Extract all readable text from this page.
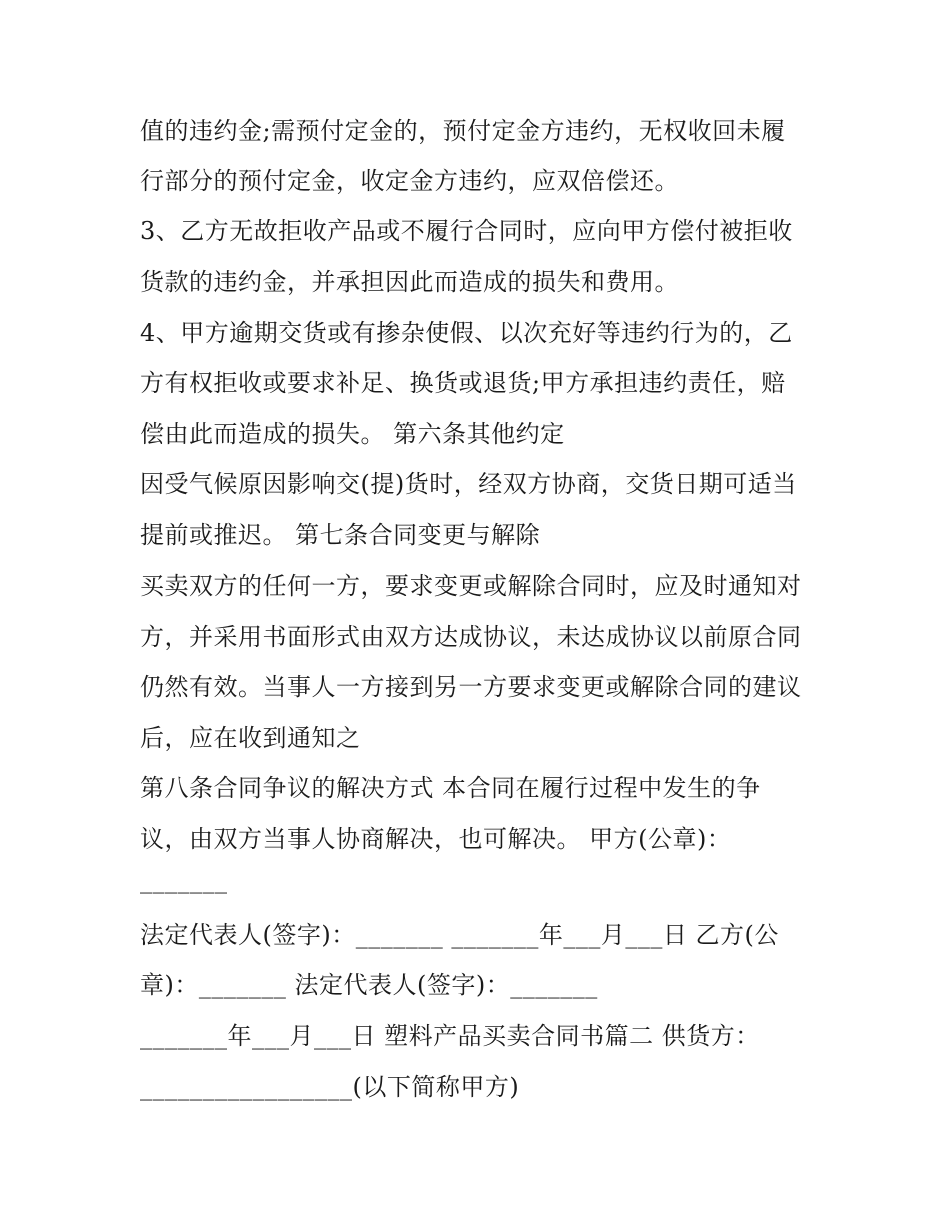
值的违约金;需预付定金的，预付定金方违约，无权收回未履
行部分的预付定金，收定金方违约，应双倍偿还。
3、乙方无故拒收产品或不履行合同时，应向甲方偿付被拒收
货款的违约金，并承担因此而造成的损失和费用。
4、甲方逾期交货或有掺杂使假、以次充好等违约行为的，乙
方有权拒收或要求补足、换货或退货;甲方承担违约责任，赔
偿由此而造成的损失。 第六条其他约定
因受气候原因影响交(提)货时，经双方协商，交货日期可适当
提前或推迟。 第七条合同变更与解除
买卖双方的任何一方，要求变更或解除合同时，应及时通知对
方，并采用书面形式由双方达成协议，未达成协议以前原合同
仍然有效。当事人一方接到另一方要求变更或解除合同的建议
后，应在收到通知之
第八条合同争议的解决方式 本合同在履行过程中发生的争
议，由双方当事人协商解决，也可解决。 甲方(公章)：
_______
法定代表人(签字)：_______ _______年___月___日 乙方(公
章)：_______ 法定代表人(签字)：_______
_______年___月___日 塑料产品买卖合同书篇二 供货方：
_________________(以下简称甲方)
